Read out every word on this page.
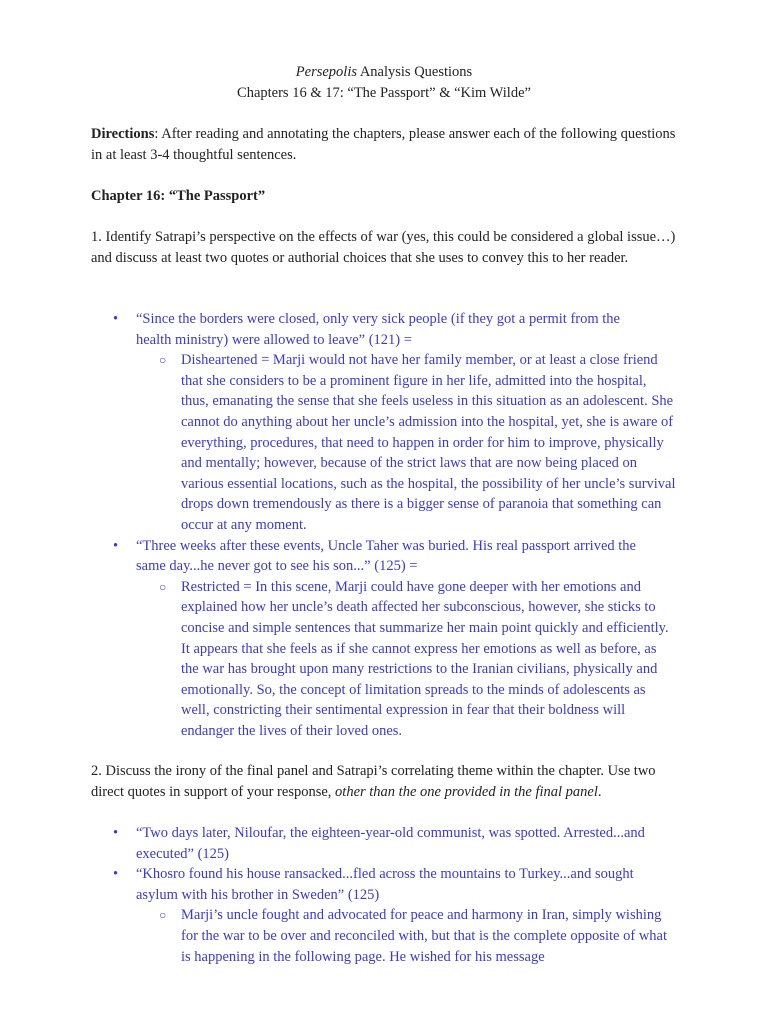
Persepolis Analysis Questions
Chapters 16 & 17: “The Passport” & “Kim Wilde”
Directions: After reading and annotating the chapters, please answer each of the following questions in at least 3-4 thoughtful sentences.
Chapter 16: “The Passport”

1. Identify Satrapi’s perspective on the effects of war (yes, this could be considered a global issue…) and discuss at least two quotes or authorial choices that she uses to convey this to her reader.

• “Since the borders were closed, only very sick people (if they got a permit from the health ministry) were allowed to leave” (121) =

○ Disheartened = Marji would not have her family member, or at least a close friend that she considers to be a prominent figure in her life, admitted into the hospital, thus, emanating the sense that she feels useless in this situation as an adolescent. She cannot do anything about her uncle’s admission into the hospital, yet, she is aware of everything, procedures, that need to happen in order for him to improve, physically and mentally; however, because of the strict laws that are now being placed on various essential locations, such as the hospital, the possibility of her uncle’s survival drops down tremendously as there is a bigger sense of paranoia that something can occur at any moment.

• “Three weeks after these events, Uncle Taher was buried. His real passport arrived the same day...he never got to see his son...” (125) =

○ Restricted = In this scene, Marji could have gone deeper with her emotions and explained how her uncle’s death affected her subconscious, however, she sticks to concise and simple sentences that summarize her main point quickly and efficiently. It appears that she feels as if she cannot express her emotions as well as before, as the war has brought upon many restrictions to the Iranian civilians, physically and emotionally. So, the concept of limitation spreads to the minds of adolescents as well, constricting their sentimental expression in fear that their boldness will endanger the lives of their loved ones.

2. Discuss the irony of the final panel and Satrapi’s correlating theme within the chapter. Use two direct quotes in support of your response, other than the one provided in the final panel.

• “Two days later, Niloufar, the eighteen-year-old communist, was spotted. Arrested...and executed” (125)

• “Khosro found his house ransacked...fled across the mountains to Turkey...and sought asylum with his brother in Sweden” (125)

○ Marji’s uncle fought and advocated for peace and harmony in Iran, simply wishing for the war to be over and reconciled with, but that is the complete opposite of what is happening in the following page. He wished for his message
